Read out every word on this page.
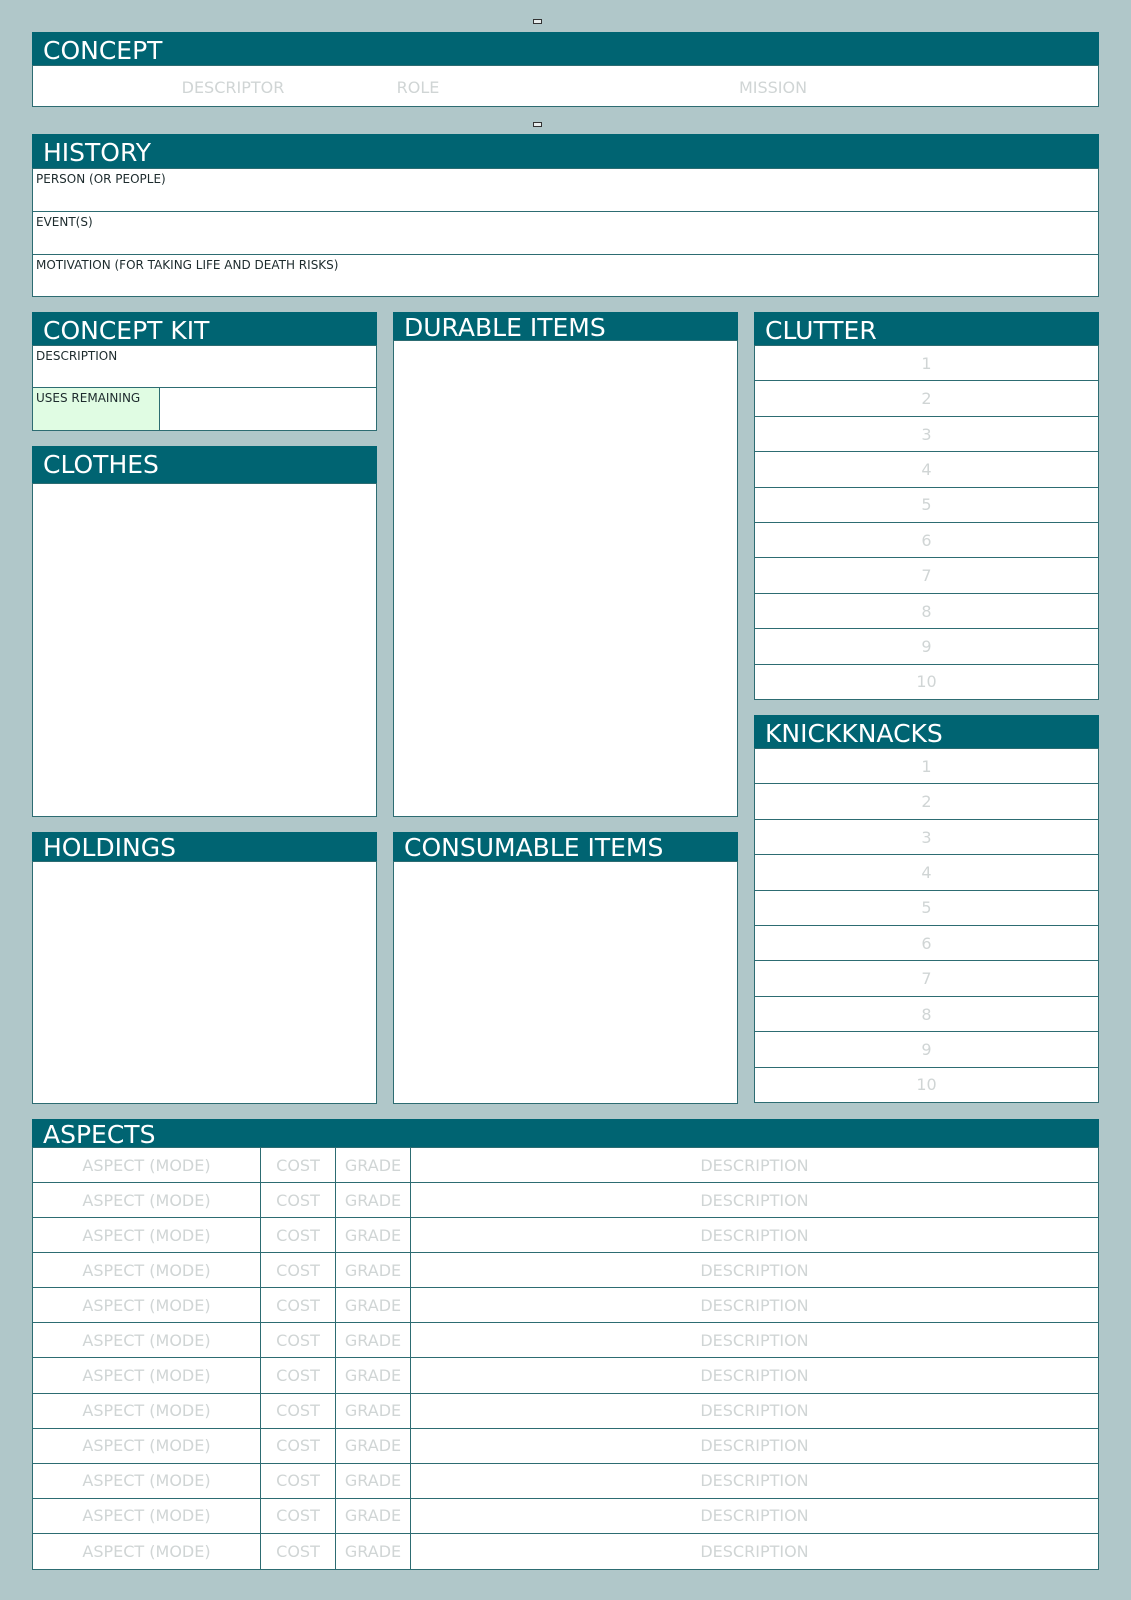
CONCEPT
DESCRIPTOR	ROLE	MISSION
HISTORY
PERSON (OR PEOPLE)
EVENT(S)
MOTIVATION (FOR TAKING LIFE AND DEATH RISKS)
CONCEPT KIT
DESCRIPTION
USES REMAINING
CLOTHES
DURABLE ITEMS	CLUTTER
1
2
3
4
5
6
7
8
9
10
KNICKKNACKS
1
2
3
4
5
6
7
8
9
10
HOLDINGS	CONSUMABLE ITEMS
ASPECTS
ASPECT (MODE)	COST GRADE	DESCRIPTION
ASPECT (MODE)	COST GRADE	DESCRIPTION
ASPECT (MODE)	COST GRADE	DESCRIPTION
ASPECT (MODE)	COST GRADE	DESCRIPTION
ASPECT (MODE)	COST GRADE	DESCRIPTION
ASPECT (MODE)	COST GRADE	DESCRIPTION
ASPECT (MODE)	COST GRADE	DESCRIPTION
ASPECT (MODE)	COST GRADE	DESCRIPTION
ASPECT (MODE)	COST GRADE	DESCRIPTION
ASPECT (MODE)	COST GRADE	DESCRIPTION
ASPECT (MODE)	COST GRADE	DESCRIPTION
ASPECT (MODE)	COST GRADE	DESCRIPTION
